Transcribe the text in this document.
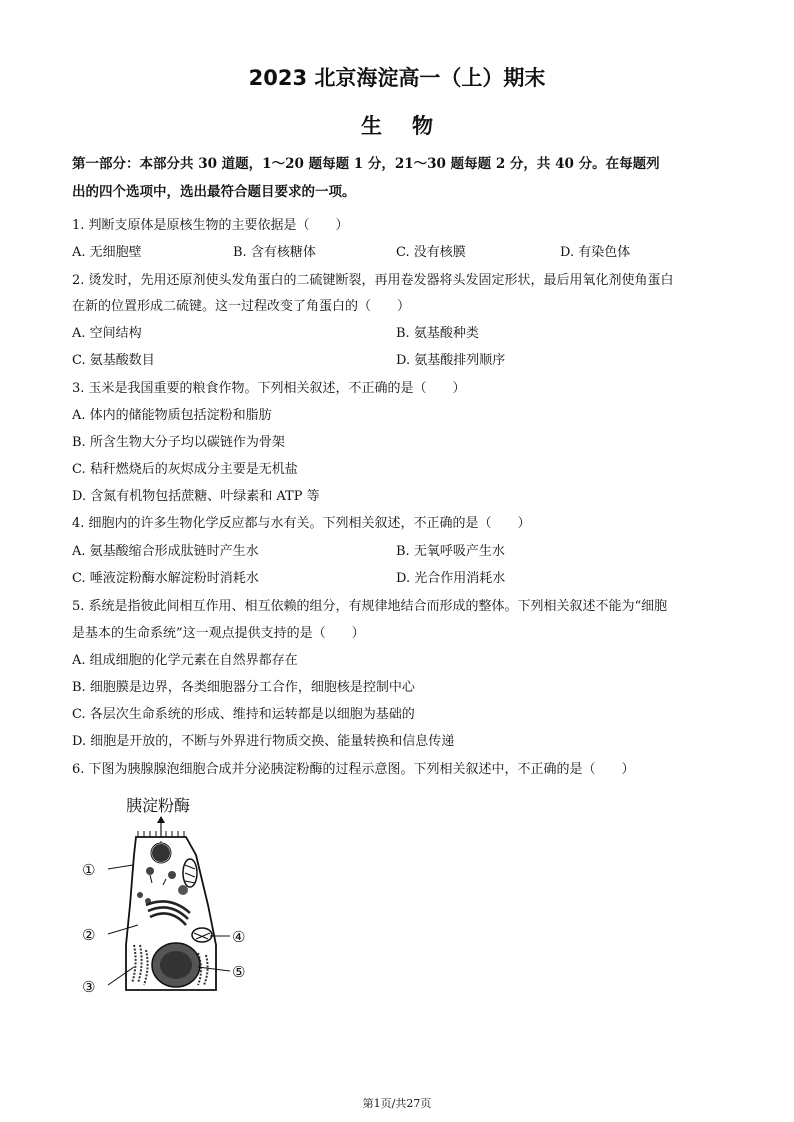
2023 北京海淀高一（上）期末
生物
第一部分：本部分共 30 道题，1～20 题每题 1 分，21～30 题每题 2 分，共 40 分。在每题列
出的四个选项中，选出最符合题目要求的一项。
1. 判断支原体是原核生物的主要依据是（　　）
A. 无细胞壁	B. 含有核糖体	C. 没有核膜	D. 有染色体
2. 烫发时，先用还原剂使头发角蛋白的二硫键断裂，再用卷发器将头发固定形状，最后用氧化剂使角蛋白
在新的位置形成二硫键。这一过程改变了角蛋白的（　　）
A. 空间结构	B. 氨基酸种类
C. 氨基酸数目	D. 氨基酸排列顺序
3. 玉米是我国重要的粮食作物。下列相关叙述，不正确的是（　　）
A. 体内的储能物质包括淀粉和脂肪
B. 所含生物大分子均以碳链作为骨架
C. 秸秆燃烧后的灰烬成分主要是无机盐
D. 含氮有机物包括蔗糖、叶绿素和 ATP 等
4. 细胞内的许多生物化学反应都与水有关。下列相关叙述，不正确的是（　　）
A. 氨基酸缩合形成肽链时产生水	B. 无氧呼吸产生水
C. 唾液淀粉酶水解淀粉时消耗水	D. 光合作用消耗水
5. 系统是指彼此间相互作用、相互依赖的组分，有规律地结合而形成的整体。下列相关叙述不能为“细胞
是基本的生命系统”这一观点提供支持的是（　　）
A. 组成细胞的化学元素在自然界都存在
B. 细胞膜是边界，各类细胞器分工合作，细胞核是控制中心
C. 各层次生命系统的形成、维持和运转都是以细胞为基础的
D. 细胞是开放的，不断与外界进行物质交换、能量转换和信息传递
6. 下图为胰腺腺泡细胞合成并分泌胰淀粉酶的过程示意图。下列相关叙述中，不正确的是（　　）
胰淀粉酶
①
②
③
④
⑤
第1页/共27页
